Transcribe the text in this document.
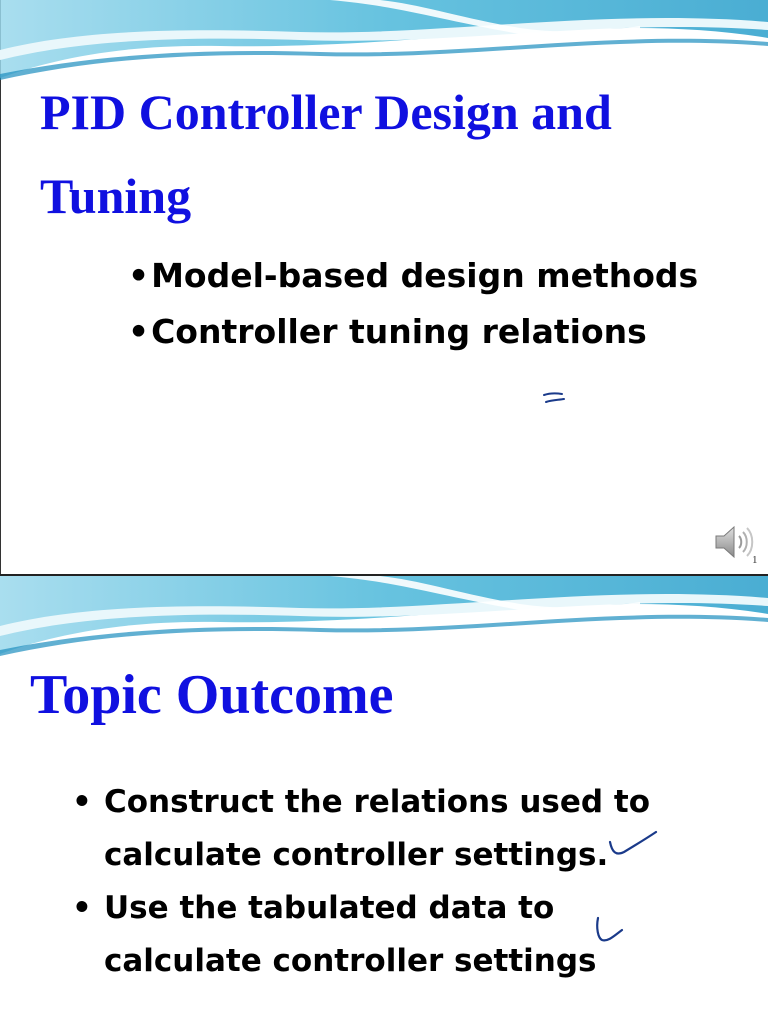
PID Controller Design and Tuning
•Model-based design methods
•Controller tuning relations
1
Topic Outcome
• Construct the relations used to calculate controller settings.
• Use the tabulated data to calculate controller settings
